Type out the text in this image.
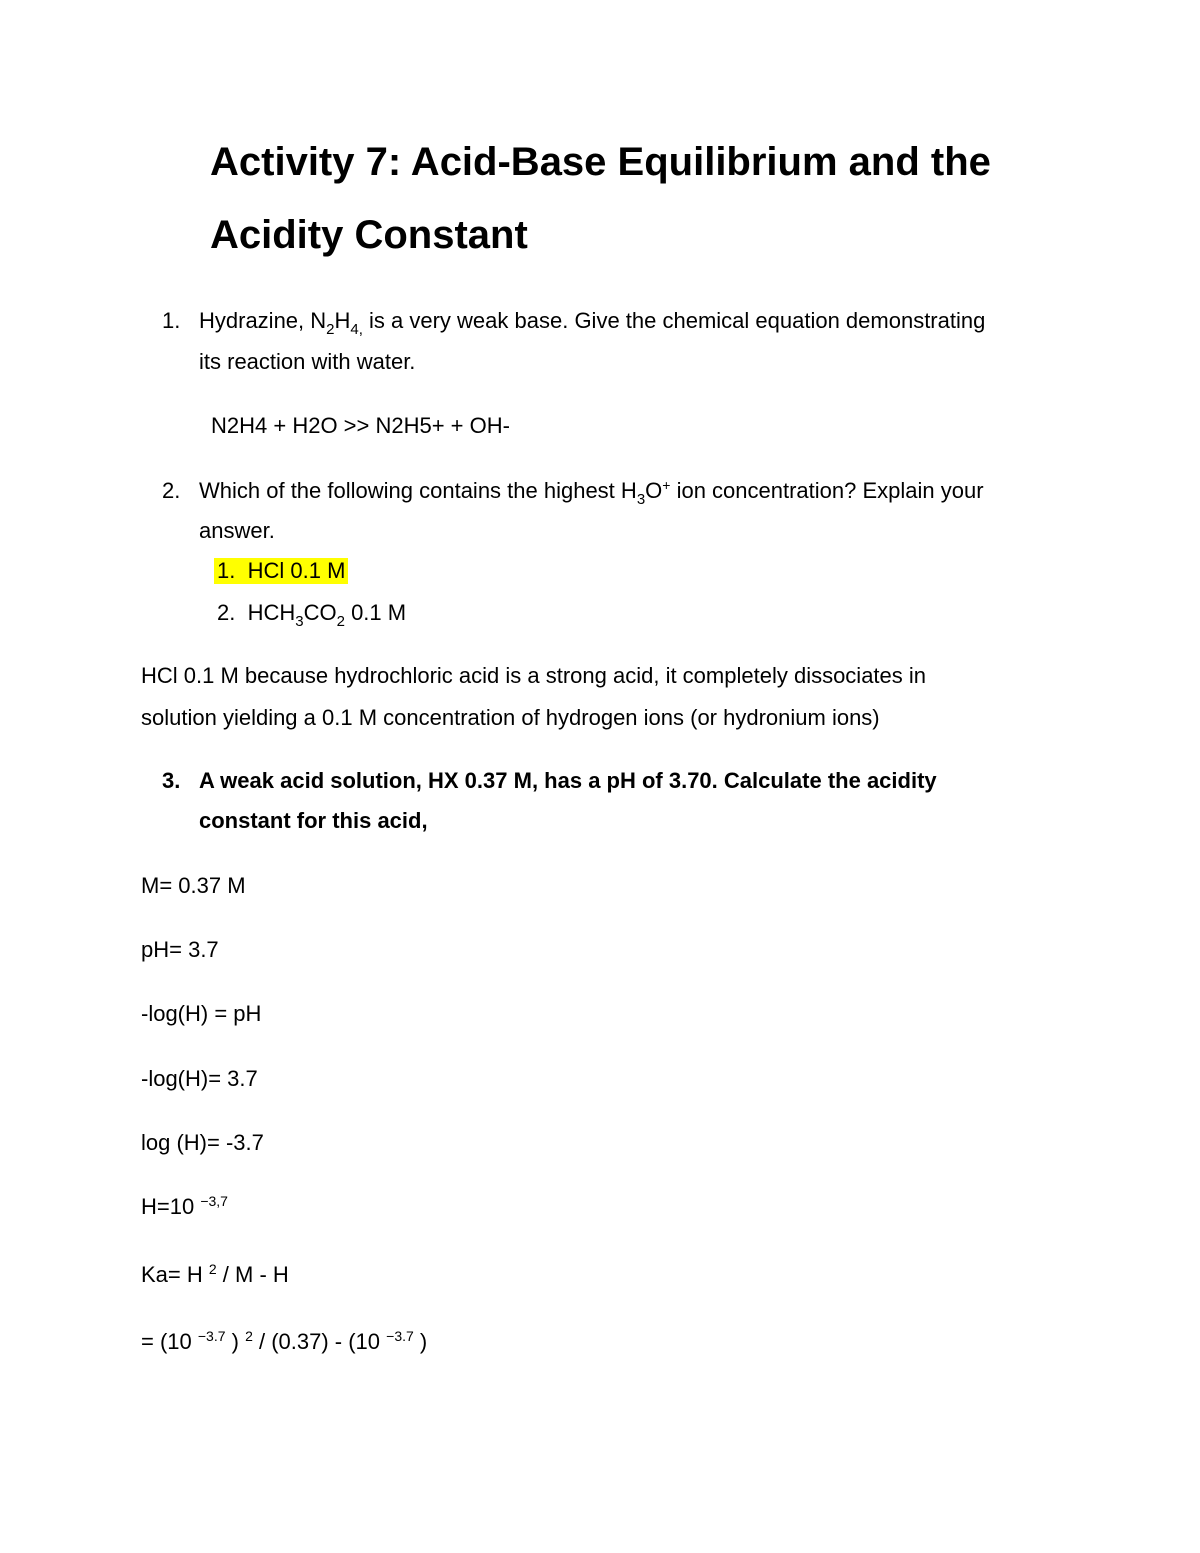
Activity 7: Acid-Base Equilibrium and the
Acidity Constant
1. Hydrazine, $N_2H_{4,}$ is a very weak base. Give the chemical equation demonstrating
its reaction with water.
N2H4 + H2O >> N2H5+ + OH-
2. Which of the following contains the highest $H_3O^+$ ion concentration? Explain your
answer.
1. HCl 0.1 M
2. $HCH_3CO_2$ 0.1 M
HCl 0.1 M because hydrochloric acid is a strong acid, it completely dissociates in
solution yielding a 0.1 M concentration of hydrogen ions (or hydronium ions)
3. A weak acid solution, HX 0.37 M, has a pH of 3.70. Calculate the acidity
constant for this acid,
M= 0.37 M
pH= 3.7
-log(H) = pH
-log(H)= 3.7
log (H)= -3.7
H=10 $^{-3,7}$
Ka= H $^2$ / M - H
= (10 $^{-3.7}$ ) $^2$ / (0.37) - (10 $^{-3.7}$ )
